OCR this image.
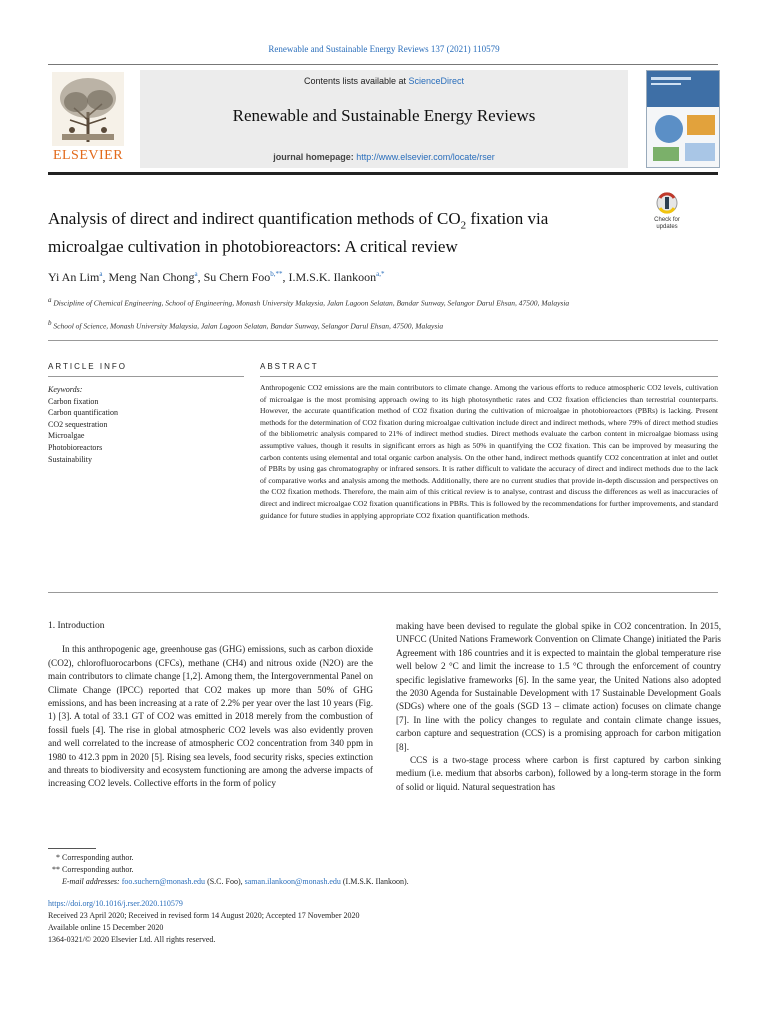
Renewable and Sustainable Energy Reviews 137 (2021) 110579
ELSEVIER
Contents lists available at ScienceDirect
Renewable and Sustainable Energy Reviews
journal homepage: http://www.elsevier.com/locate/rser
Analysis of direct and indirect quantification methods of $CO_2$ fixation via microalgae cultivation in photobioreactors: A critical review
Check for
updates
Yi An Lim$^a$, Meng Nan Chong$^a$, Su Chern Foo$^{b,**}$, I.M.S.K. Ilankoon$^{a,*}$
$^a$ Discipline of Chemical Engineering, School of Engineering, Monash University Malaysia, Jalan Lagoon Selatan, Bandar Sunway, Selangor Darul Ehsan, 47500, Malaysia
$^b$ School of Science, Monash University Malaysia, Jalan Lagoon Selatan, Bandar Sunway, Selangor Darul Ehsan, 47500, Malaysia
ARTICLE INFO	ABSTRACT
Keywords:
Carbon fixation
Carbon quantification
CO2 sequestration
Microalgae
Photobioreactors
Sustainability
Anthropogenic CO2 emissions are the main contributors to climate change. Among the various efforts to reduce atmospheric CO2 levels, cultivation of microalgae is the most promising approach owing to its high photosynthetic rates and CO2 fixation efficiencies than terrestrial counterparts. However, the accurate quantification method of CO2 fixation during the cultivation of microalgae in photobioreactors (PBRs) is lacking. Present methods for the determination of CO2 fixation during microalgae cultivation include direct and indirect methods, where 79% of direct method studies of the bibliometric analysis compared to 21% of indirect method studies. Direct methods evaluate the carbon content in microalgae biomass using assumptive values, though it results in significant errors as high as 50% in quantifying the CO2 fixation. This can be improved by measuring the carbon contents using elemental and total organic carbon analysis. On the other hand, indirect methods quantify CO2 concentration at inlet and outlet of PBRs by using gas chromatography or infrared sensors. It is rather difficult to validate the accuracy of direct and indirect methods due to the lack of comparative works and analysis among the methods. Additionally, there are no current studies that provide in-depth discussion and perspectives on the CO2 fixation methods. Therefore, the main aim of this critical review is to analyse, contrast and discuss the differences as well as inaccuracies of direct and indirect microalgae CO2 fixation quantifications in PBRs. This is followed by the recommendations for further improvements, and standard guidance for future studies in applying appropriate CO2 fixation quantification methods.

1. Introduction

In this anthropogenic age, greenhouse gas (GHG) emissions, such as carbon dioxide (CO2), chlorofluorocarbons (CFCs), methane (CH4) and nitrous oxide (N2O) are the main contributors to climate change [1,2]. Among them, the Intergovernmental Panel on Climate Change (IPCC) reported that CO2 makes up more than 50% of GHG emissions, and has been increasing at a rate of 2.2% per year over the last 10 years (Fig. 1) [3]. A total of 33.1 GT of CO2 was emitted in 2018 merely from the combustion of fossil fuels [4]. The rise in global atmospheric CO2 levels was also evidently proven and well correlated to the increase of atmospheric CO2 concentration from 340 ppm in 1980 to 412.3 ppm in 2020 [5]. Rising sea levels, food security risks, species extinction and threats to biodiversity and ecosystem functioning are among the adverse impacts of increasing CO2 levels. Collective efforts in the form of policy

making have been devised to regulate the global spike in CO2 concentration. In 2015, UNFCC (United Nations Framework Convention on Climate Change) initiated the Paris Agreement with 186 countries and it is expected to maintain the global temperature rise well below 2 °C and limit the increase to 1.5 °C through the enforcement of country specific legislative frameworks [6]. In the same year, the United Nations also adopted the 2030 Agenda for Sustainable Development with 17 Sustainable Development Goals (SDGs) where one of the goals (SGD 13 – climate action) focuses on climate change [7]. In line with the policy changes to regulate and contain climate change issues, carbon capture and sequestration (CCS) is a promising approach for carbon mitigation [8].

CCS is a two-stage process where carbon is first captured by carbon sinking medium (i.e. medium that absorbs carbon), followed by a long-term storage in the form of solid or liquid. Natural sequestration has

* Corresponding author.
** Corresponding author.
E-mail addresses: foo.suchern@monash.edu (S.C. Foo), saman.ilankoon@monash.edu (I.M.S.K. Ilankoon).
https://doi.org/10.1016/j.rser.2020.110579
Received 23 April 2020; Received in revised form 14 August 2020; Accepted 17 November 2020
Available online 15 December 2020
1364-0321/© 2020 Elsevier Ltd. All rights reserved.
